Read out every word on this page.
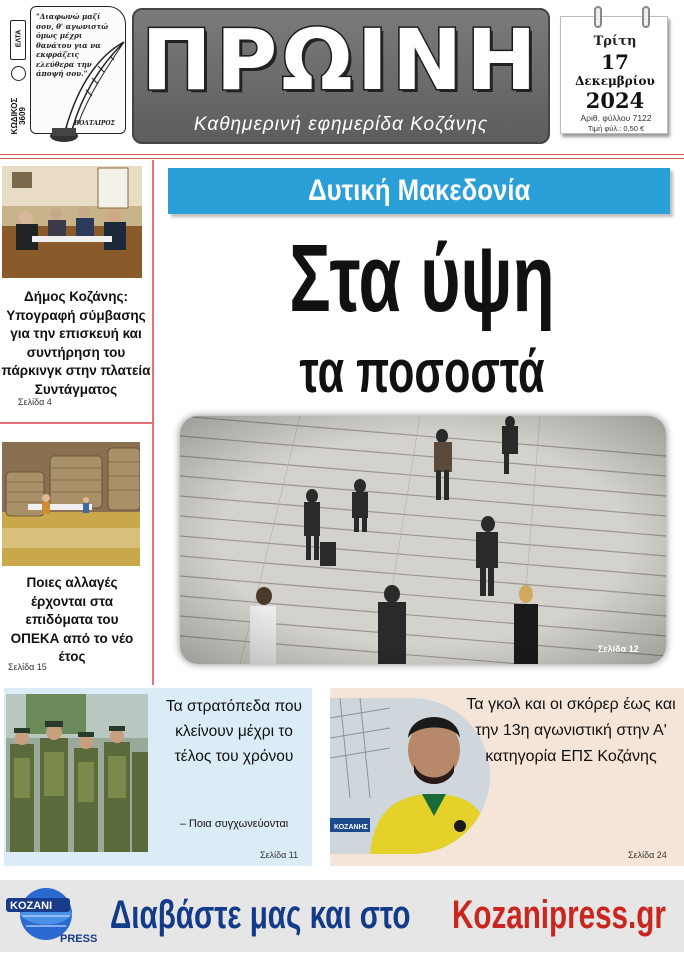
ΕΛΤΑ
ΚΩΔΙΚΟΣ 3609
"Διαφωνώ μαζί σου, θ' αγωνιστώ όμως μέχρι θανάτου για να εκφράζεις ελεύθερα την άποψή σου."
ΒΟΛΤΑΙΡΟΣ
ΠΡΩΙΝΗ
Καθημερινή εφημερίδα Κοζάνης
Τρίτη
17
Δεκεμβρίου
2024
Αριθ. φύλλου 7122
Τιμή φύλ.: 0,50 €
Δήμος Κοζάνης: Υπογραφή σύμβασης για την επισκευή και συντήρηση του πάρκινγκ στην πλατεία Συντάγματος
Σελίδα 4
Ποιες αλλαγές έρχονται στα επιδόματα του ΟΠΕΚΑ από το νέο έτος
Σελίδα 15
Δυτική Μακεδονία
Στα ύψη
τα ποσοστά
Σελίδα 12
Τα στρατόπεδα που κλείνουν μέχρι το τέλος του χρόνου
– Ποια συγχωνεύονται
Σελίδα 11
ΚΟΖΑΝΗΣ
Τα γκολ και οι σκόρερ έως και την 13η αγωνιστική στην Α' κατηγορία ΕΠΣ Κοζάνης
Σελίδα 24
KOZANI
PRESS
Διαβάστε μας και στο Kozanipress.gr
